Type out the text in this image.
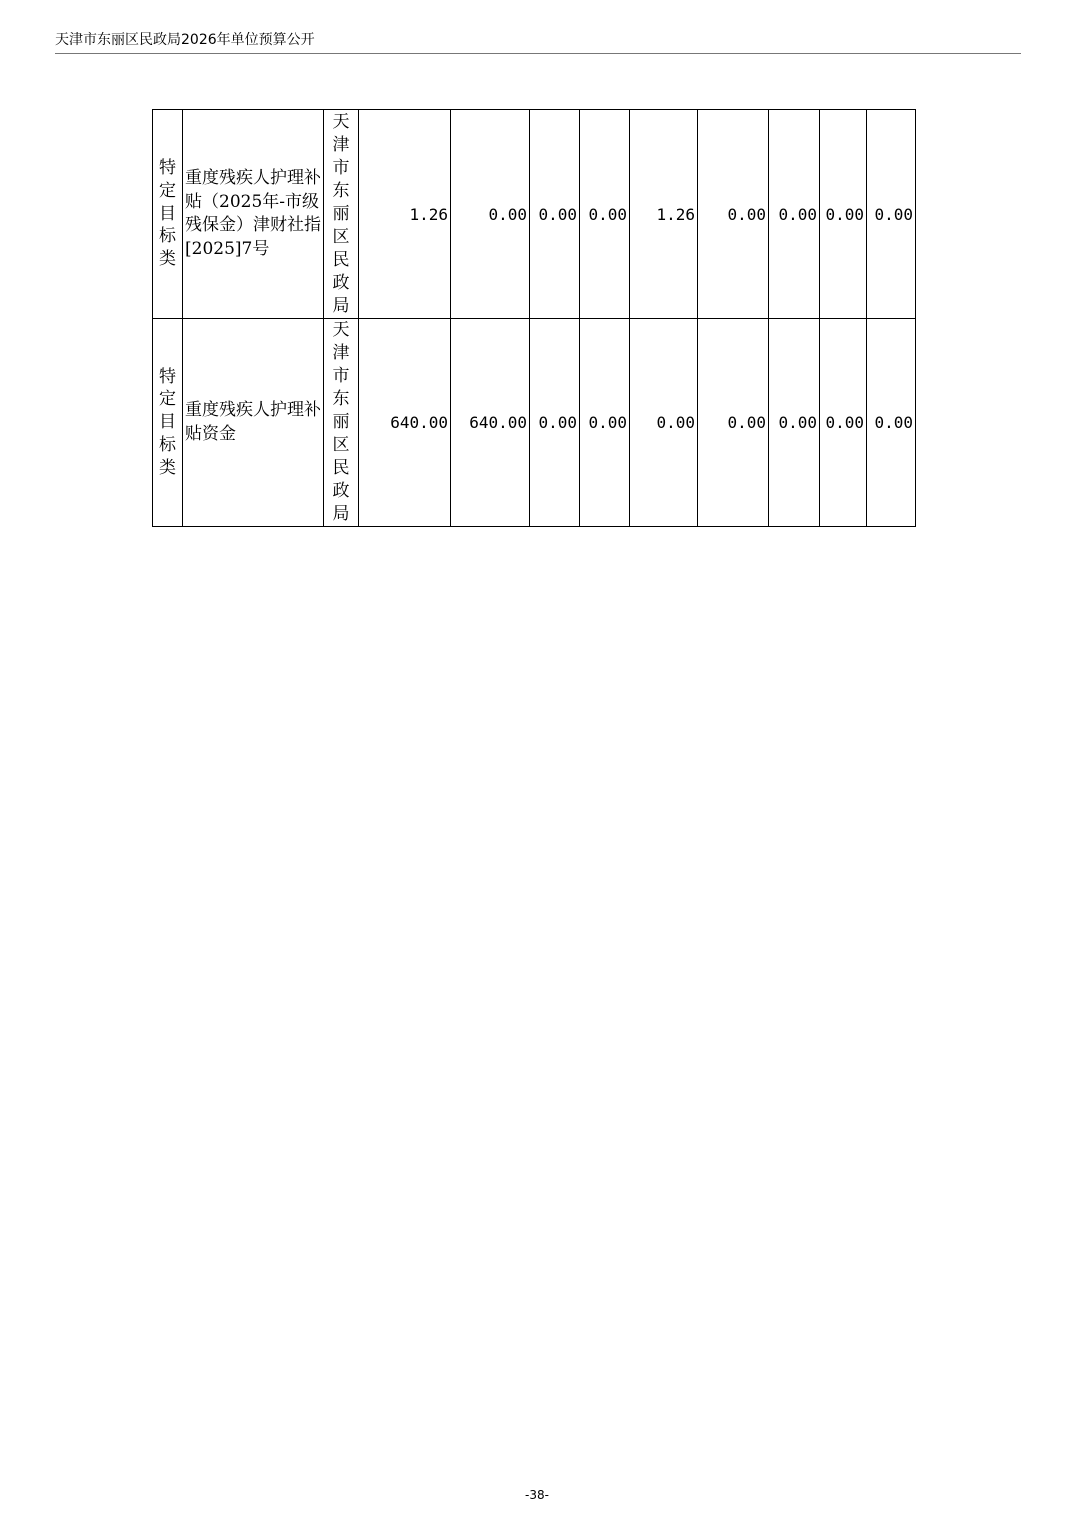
天津市东丽区民政局2026年单位预算公开
特定目标类	重度残疾人护理补贴（2025年-市级残保金）津财社指[2025]7号	天津市东丽区民政局	1.26	0.00	0.00	0.00	1.26	0.00	0.00	0.00	0.00

特定目标类	重度残疾人护理补贴资金	天津市东丽区民政局	640.00	640.00	0.00	0.00	0.00	0.00	0.00	0.00	0.00
-38-
